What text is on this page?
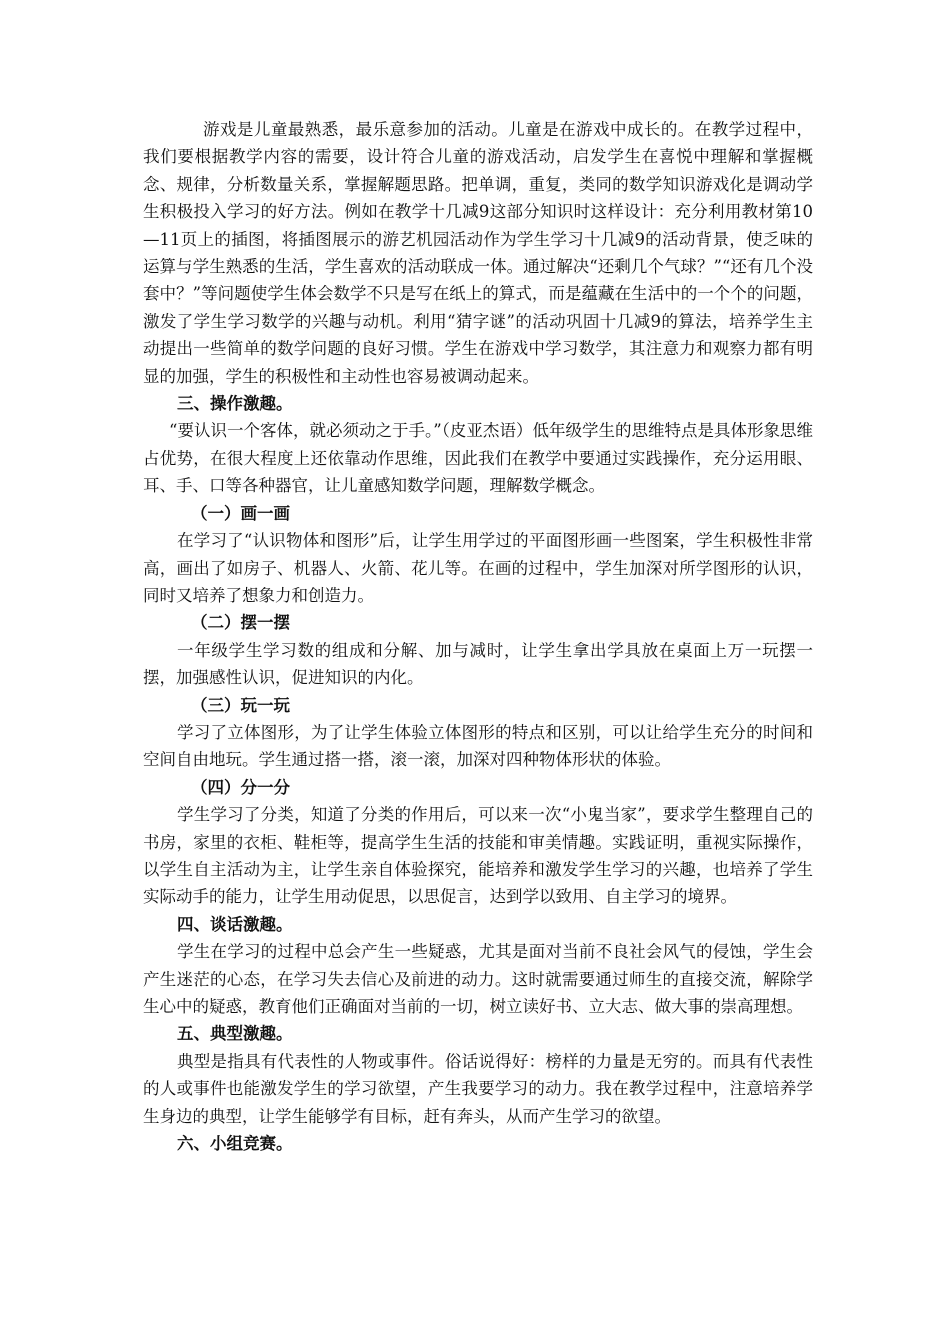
游戏是儿童最熟悉，最乐意参加的活动。儿童是在游戏中成长的。在教学过程中，我们要根据教学内容的需要，设计符合儿童的游戏活动，启发学生在喜悦中理解和掌握概念、规律，分析数量关系，掌握解题思路。把单调，重复，类同的数学知识游戏化是调动学生积极投入学习的好方法。例如在教学十几减9这部分知识时这样设计：充分利用教材第10—11页上的插图，将插图展示的游艺机园活动作为学生学习十几减9的活动背景，使乏味的运算与学生熟悉的生活，学生喜欢的活动联成一体。通过解决“还剩几个气球？”“还有几个没套中？”等问题使学生体会数学不只是写在纸上的算式，而是蕴藏在生活中的一个个的问题，激发了学生学习数学的兴趣与动机。利用“猜字谜”的活动巩固十几减9的算法，培养学生主动提出一些简单的数学问题的良好习惯。学生在游戏中学习数学，其注意力和观察力都有明显的加强，学生的积极性和主动性也容易被调动起来。

三、操作激趣。

“要认识一个客体，就必须动之于手。”（皮亚杰语）低年级学生的思维特点是具体形象思维占优势，在很大程度上还依靠动作思维，因此我们在教学中要通过实践操作，充分运用眼、耳、手、口等各种器官，让儿童感知数学问题，理解数学概念。

（一）画一画

在学习了“认识物体和图形”后，让学生用学过的平面图形画一些图案，学生积极性非常高，画出了如房子、机器人、火箭、花儿等。在画的过程中，学生加深对所学图形的认识，同时又培养了想象力和创造力。

（二）摆一摆

一年级学生学习数的组成和分解、加与减时，让学生拿出学具放在桌面上万一玩摆一摆，加强感性认识，促进知识的内化。

（三）玩一玩

学习了立体图形，为了让学生体验立体图形的特点和区别，可以让给学生充分的时间和空间自由地玩。学生通过搭一搭，滚一滚，加深对四种物体形状的体验。

（四）分一分

学生学习了分类，知道了分类的作用后，可以来一次“小鬼当家”，要求学生整理自己的书房，家里的衣柜、鞋柜等，提高学生生活的技能和审美情趣。实践证明，重视实际操作，以学生自主活动为主，让学生亲自体验探究，能培养和激发学生学习的兴趣，也培养了学生实际动手的能力，让学生用动促思，以思促言，达到学以致用、自主学习的境界。

四、谈话激趣。

学生在学习的过程中总会产生一些疑惑，尤其是面对当前不良社会风气的侵蚀，学生会产生迷茫的心态，在学习失去信心及前进的动力。这时就需要通过师生的直接交流，解除学生心中的疑惑，教育他们正确面对当前的一切，树立读好书、立大志、做大事的崇高理想。

五、典型激趣。

典型是指具有代表性的人物或事件。俗话说得好：榜样的力量是无穷的。而具有代表性的人或事件也能激发学生的学习欲望，产生我要学习的动力。我在教学过程中，注意培养学生身边的典型，让学生能够学有目标，赶有奔头，从而产生学习的欲望。

六、小组竞赛。
